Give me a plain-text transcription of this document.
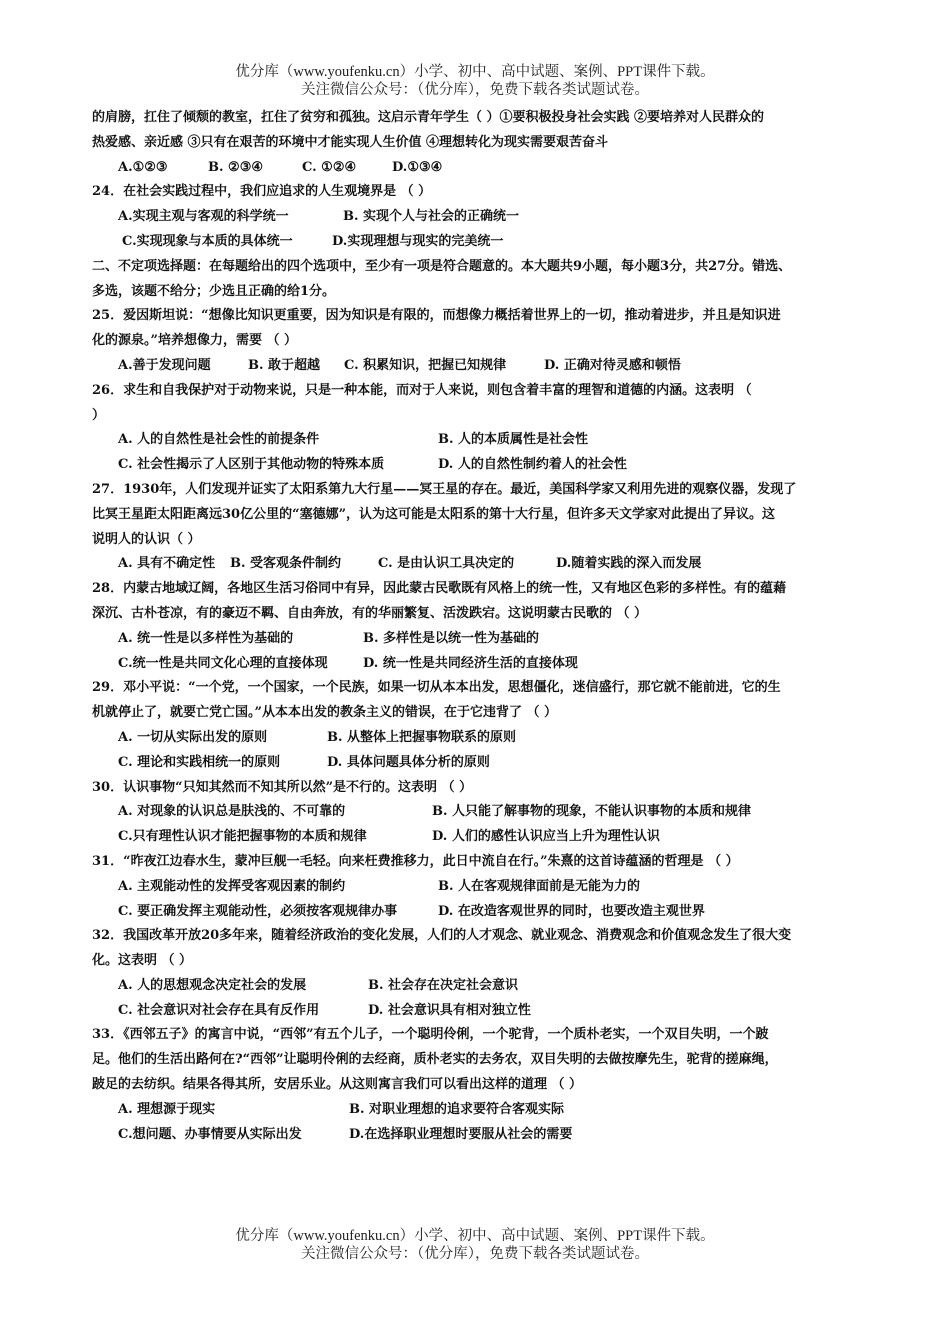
优分库（www.youfenku.cn）小学、初中、高中试题、案例、PPT课件下载。
关注微信公众号：（优分库），免费下载各类试题试卷。
的肩膀，扛住了倾颓的教室，扛住了贫穷和孤独。这启示青年学生（ ）①要积极投身社会实践 ②要培养对人民群众的
热爱感、亲近感 ③只有在艰苦的环境中才能实现人生价值 ④理想转化为现实需要艰苦奋斗
A.①②③	B. ②③④	C. ①②④	D.①③④
24．在社会实践过程中，我们应追求的人生观境界是 （ ）
A.实现主观与客观的科学统一	B. 实现个人与社会的正确统一
C.实现现象与本质的具体统一	D.实现理想与现实的完美统一
二、不定项选择题：在每题给出的四个选项中，至少有一项是符合题意的。本大题共9小题，每小题3分，共27分。错选、
多选，该题不给分；少选且正确的给1分。
25．爱因斯坦说：“想像比知识更重要，因为知识是有限的，而想像力概括着世界上的一切，推动着进步，并且是知识进
化的源泉。”培养想像力，需要 （ ）
A.善于发现问题	B. 敢于超越	C. 积累知识，把握已知规律	D. 正确对待灵感和顿悟
26．求生和自我保护对于动物来说，只是一种本能，而对于人来说，则包含着丰富的理智和道德的内涵。这表明 （
）
A. 人的自然性是社会性的前提条件	B. 人的本质属性是社会性
C. 社会性揭示了人区别于其他动物的特殊本质	D. 人的自然性制约着人的社会性
27．1930年，人们发现并证实了太阳系第九大行星——冥王星的存在。最近，美国科学家又利用先进的观察仪器，发现了
比冥王星距太阳距离远30亿公里的“塞德娜”，认为这可能是太阳系的第十大行星，但许多天文学家对此提出了异议。这
说明人的认识（ ）
A. 具有不确定性	B. 受客观条件制约	C. 是由认识工具决定的	D.随着实践的深入而发展
28．内蒙古地域辽阔，各地区生活习俗同中有异，因此蒙古民歌既有风格上的统一性，又有地区色彩的多样性。有的蕴藉
深沉、古朴苍凉，有的豪迈不羁、自由奔放，有的华丽繁复、活泼跌宕。这说明蒙古民歌的 （ ）
A. 统一性是以多样性为基础的	B. 多样性是以统一性为基础的
C.统一性是共同文化心理的直接体现	D. 统一性是共同经济生活的直接体现
29．邓小平说：“一个党，一个国家，一个民族，如果一切从本本出发，思想僵化，迷信盛行，那它就不能前进，它的生
机就停止了，就要亡党亡国。”从本本出发的教条主义的错误，在于它违背了 （ ）
A. 一切从实际出发的原则	B. 从整体上把握事物联系的原则
C. 理论和实践相统一的原则	D. 具体问题具体分析的原则
30．认识事物“只知其然而不知其所以然”是不行的。这表明 （ ）
A. 对现象的认识总是肤浅的、不可靠的	B. 人只能了解事物的现象，不能认识事物的本质和规律
C.只有理性认识才能把握事物的本质和规律	D. 人们的感性认识应当上升为理性认识
31．“昨夜江边春水生，蒙冲巨舰一毛轻。向来枉费推移力，此日中流自在行。”朱熹的这首诗蕴涵的哲理是 （ ）
A. 主观能动性的发挥受客观因素的制约	B. 人在客观规律面前是无能为力的
C. 要正确发挥主观能动性，必须按客观规律办事	D. 在改造客观世界的同时，也要改造主观世界
32．我国改革开放20多年来，随着经济政治的变化发展，人们的人才观念、就业观念、消费观念和价值观念发生了很大变
化。这表明 （ ）
A. 人的思想观念决定社会的发展	B. 社会存在决定社会意识
C. 社会意识对社会存在具有反作用	D. 社会意识具有相对独立性
33．《西邻五子》的寓言中说，“西邻”有五个儿子，一个聪明伶俐，一个驼背，一个质朴老实，一个双目失明，一个跛
足。他们的生活出路何在?“西邻”让聪明伶俐的去经商，质朴老实的去务农，双目失明的去做按摩先生，驼背的搓麻绳，
跛足的去纺织。结果各得其所，安居乐业。从这则寓言我们可以看出这样的道理 （ ）
A. 理想源于现实	B. 对职业理想的追求要符合客观实际
C.想问题、办事情要从实际出发	D.在选择职业理想时要服从社会的需要
优分库（www.youfenku.cn）小学、初中、高中试题、案例、PPT课件下载。
关注微信公众号：（优分库），免费下载各类试题试卷。
